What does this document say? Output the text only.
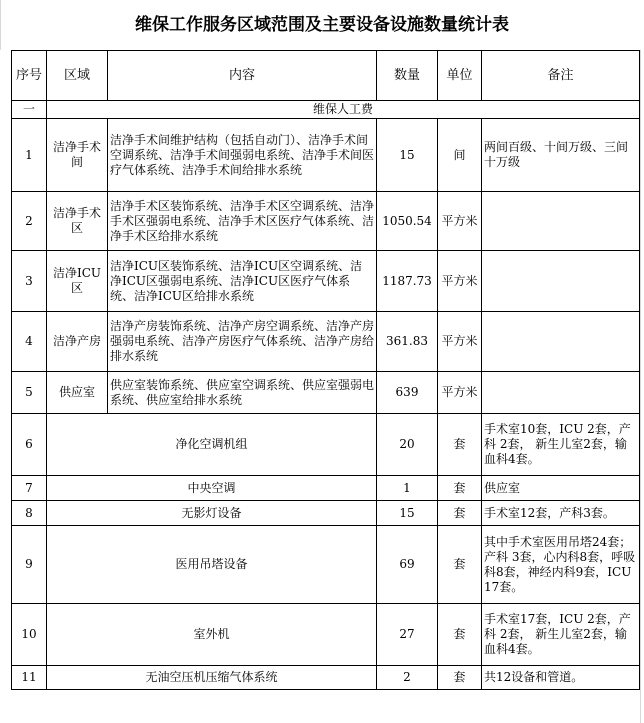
维保工作服务区域范围及主要设备设施数量统计表
序号	区域	内容	数量	单位	备注
一	维保人工费				
1	洁净手术间	洁净手术间维护结构（包括自动门）、洁净手术间空调系统、洁净手术间强弱电系统、洁净手术间医疗气体系统、洁净手术间给排水系统	15	间	两间百级、十间万级、三间十万级
2	洁净手术区	洁净手术区装饰系统、洁净手术区空调系统、洁净手术区强弱电系统、洁净手术区医疗气体系统、洁净手术区给排水系统	1050.54	平方米	
3	洁净ICU区	洁净ICU区装饰系统、洁净ICU区空调系统、洁净ICU区强弱电系统、洁净ICU区医疗气体系统、洁净ICU区给排水系统	1187.73	平方米	
4	洁净产房	洁净产房装饰系统、洁净产房空调系统、洁净产房强弱电系统、洁净产房医疗气体系统、洁净产房给排水系统	361.83	平方米	
5	供应室	供应室装饰系统、供应室空调系统、供应室强弱电系统、供应室给排水系统	639	平方米	
6	净化空调机组		20	套	手术室10套，ICU 2套，产科 2套， 新生儿室2套，输血科4套。
7	中央空调		1	套	供应室
8	无影灯设备		15	套	手术室12套，产科3套。
9	医用吊塔设备		69	套	其中手术室医用吊塔24套；产科 3套，心内科8套，呼吸科8套，神经内科9套，ICU 17套。
10	室外机		27	套	手术室17套，ICU 2套，产科 2套， 新生儿室2套，输血科4套。
11	无油空压机压缩气体系统		2	套	共12设备和管道。
